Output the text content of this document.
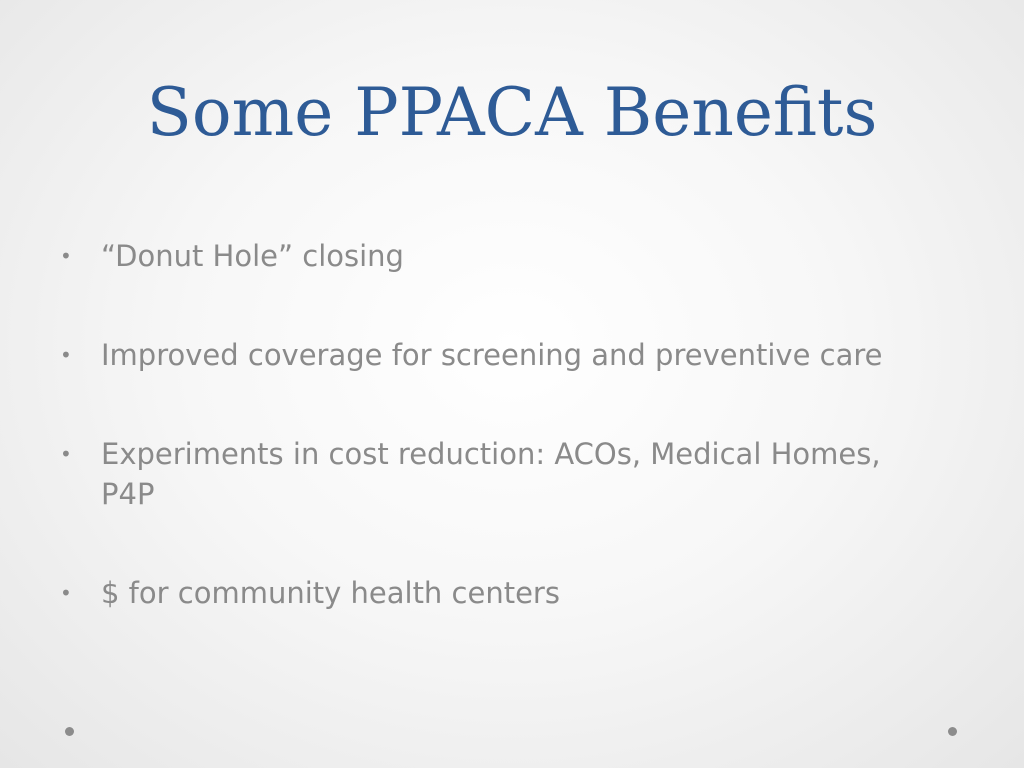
Some PPACA Benefits
• “Donut Hole” closing
• Improved coverage for screening and preventive care
• Experiments in cost reduction: ACOs, Medical Homes, P4P
• $ for community health centers
